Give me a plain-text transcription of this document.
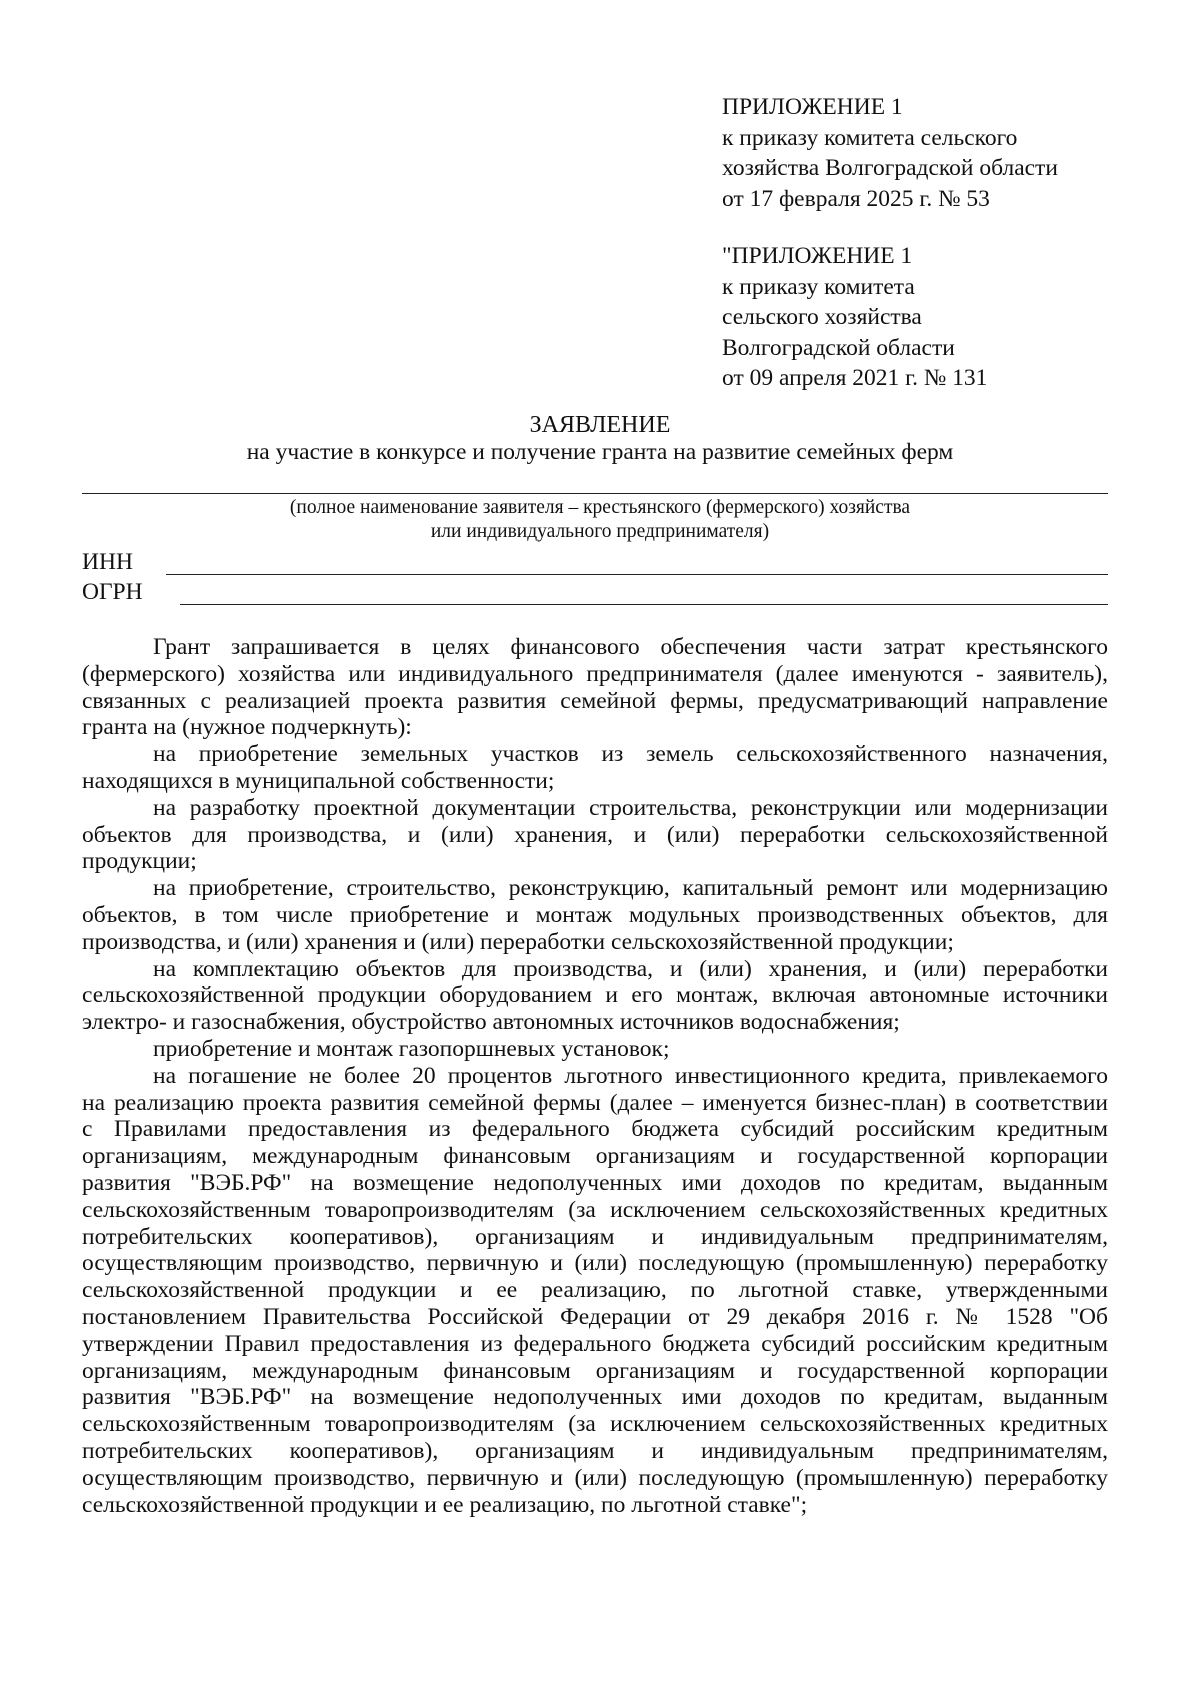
ПРИЛОЖЕНИЕ 1
к приказу комитета сельского
хозяйства Волгоградской области
от 17 февраля 2025 г. № 53
"ПРИЛОЖЕНИЕ 1
к приказу комитета
сельского хозяйства
Волгоградской области
от 09 апреля 2021 г. № 131
ЗАЯВЛЕНИЕ
на участие в конкурсе и получение гранта на развитие семейных ферм
(полное наименование заявителя – крестьянского (фермерского) хозяйства
или индивидуального предпринимателя)
ИНН
ОГРН
Грант запрашивается в целях финансового обеспечения части затрат крестьянского
(фермерского) хозяйства или индивидуального предпринимателя (далее именуются - заявитель),
связанных с реализацией проекта развития семейной фермы, предусматривающий направление
гранта на (нужное подчеркнуть):
на приобретение земельных участков из земель сельскохозяйственного назначения,
находящихся в муниципальной собственности;
на разработку проектной документации строительства, реконструкции или модернизации
объектов для производства, и (или) хранения, и (или) переработки сельскохозяйственной
продукции;
на приобретение, строительство, реконструкцию, капитальный ремонт или модернизацию
объектов, в том числе приобретение и монтаж модульных производственных объектов, для
производства, и (или) хранения и (или) переработки сельскохозяйственной продукции;
на комплектацию объектов для производства, и (или) хранения, и (или) переработки
сельскохозяйственной продукции оборудованием и его монтаж, включая автономные источники
электро- и газоснабжения, обустройство автономных источников водоснабжения;
приобретение и монтаж газопоршневых установок;
на погашение не более 20 процентов льготного инвестиционного кредита, привлекаемого
на реализацию проекта развития семейной фермы (далее – именуется бизнес-план) в соответствии
с Правилами предоставления из федерального бюджета субсидий российским кредитным
организациям, международным финансовым организациям и государственной корпорации
развития "ВЭБ.РФ" на возмещение недополученных ими доходов по кредитам, выданным
сельскохозяйственным товаропроизводителям (за исключением сельскохозяйственных кредитных
потребительских кооперативов), организациям и индивидуальным предпринимателям,
осуществляющим производство, первичную и (или) последующую (промышленную) переработку
сельскохозяйственной продукции и ее реализацию, по льготной ставке, утвержденными
постановлением Правительства Российской Федерации от 29 декабря 2016 г. № 1528 "Об
утверждении Правил предоставления из федерального бюджета субсидий российским кредитным
организациям, международным финансовым организациям и государственной корпорации
развития "ВЭБ.РФ" на возмещение недополученных ими доходов по кредитам, выданным
сельскохозяйственным товаропроизводителям (за исключением сельскохозяйственных кредитных
потребительских кооперативов), организациям и индивидуальным предпринимателям,
осуществляющим производство, первичную и (или) последующую (промышленную) переработку
сельскохозяйственной продукции и ее реализацию, по льготной ставке";
